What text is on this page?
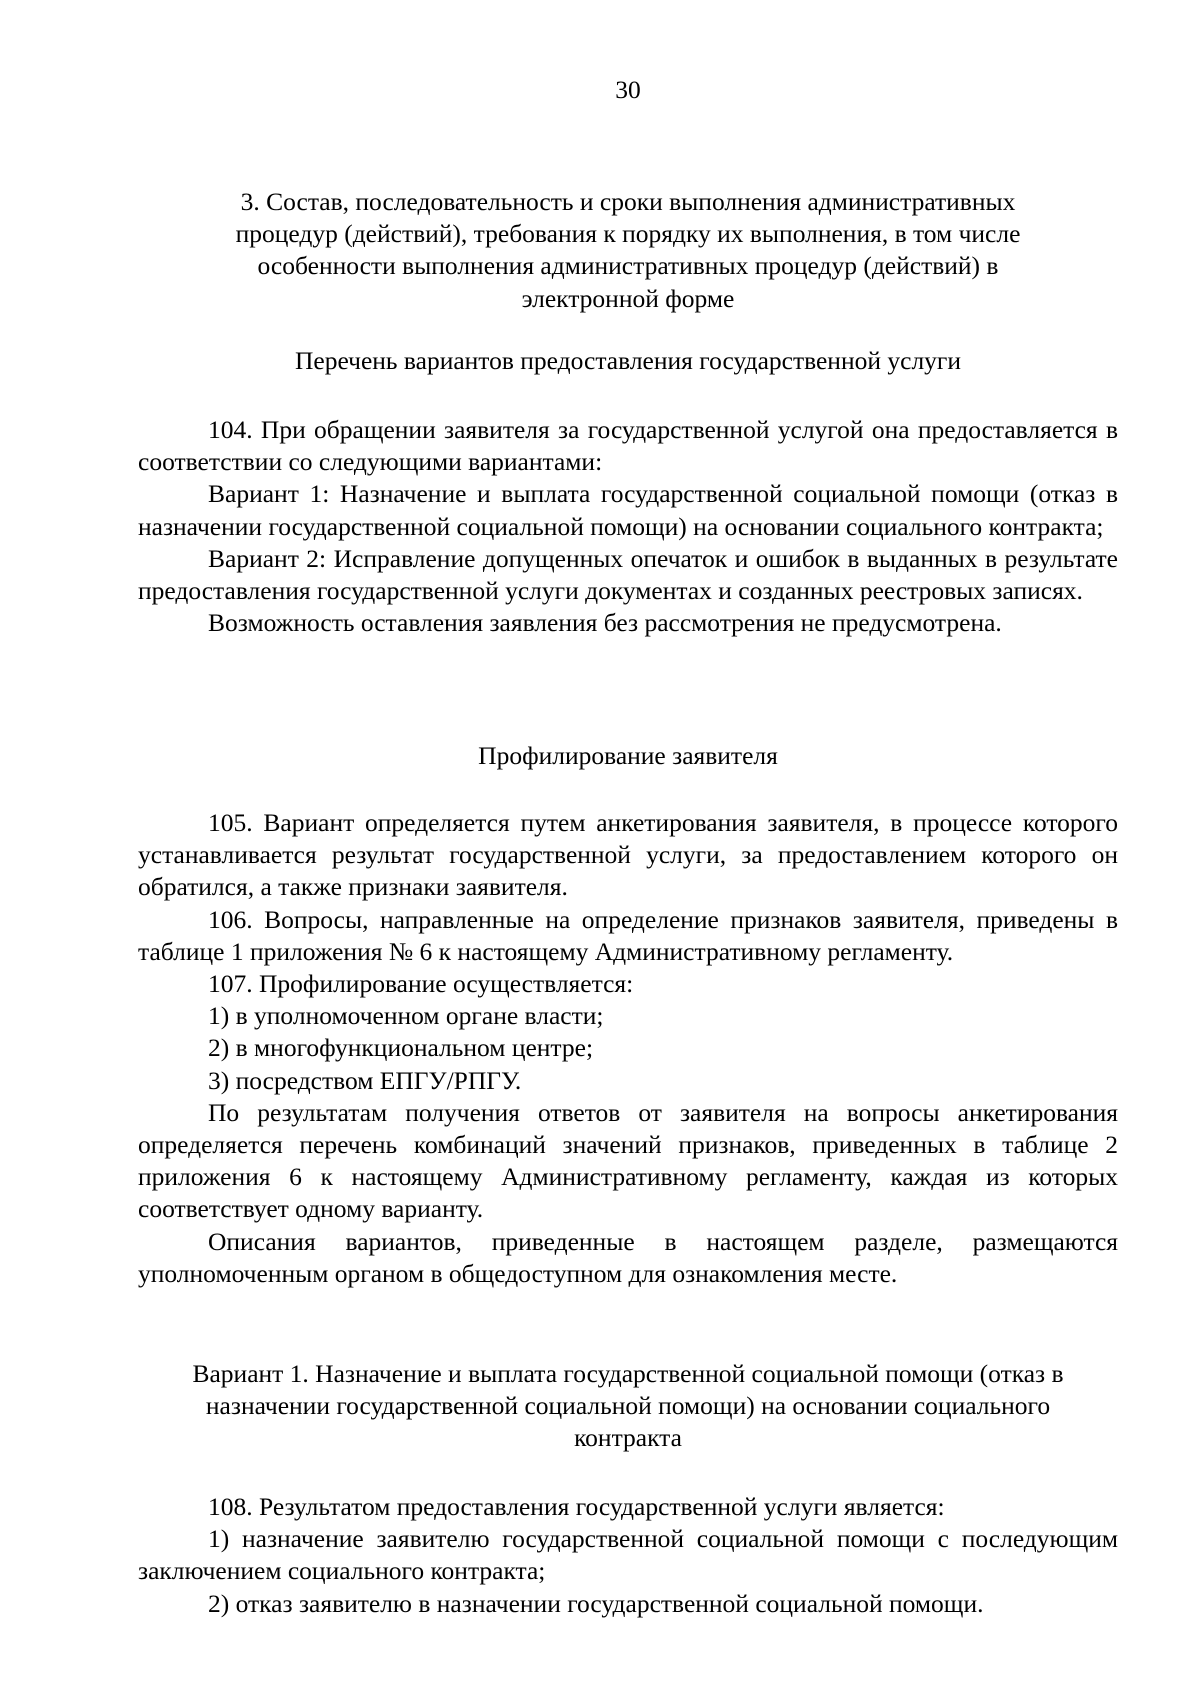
30
3. Состав, последовательность и сроки выполнения административных
процедур (действий), требования к порядку их выполнения, в том числе
особенности выполнения административных процедур (действий) в
электронной форме
Перечень вариантов предоставления государственной услуги

104. При обращении заявителя за государственной услугой она предоставляется в соответствии со следующими вариантами:

Вариант 1: Назначение и выплата государственной социальной помощи (отказ в назначении государственной социальной помощи) на основании социального контракта;

Вариант 2: Исправление допущенных опечаток и ошибок в выданных в результате предоставления государственной услуги документах и созданных реестровых записях.

Возможность оставления заявления без рассмотрения не предусмотрена.

Профилирование заявителя

105. Вариант определяется путем анкетирования заявителя, в процессе которого устанавливается результат государственной услуги, за предоставлением которого он обратился, а также признаки заявителя.

106. Вопросы, направленные на определение признаков заявителя, приведены в таблице 1 приложения № 6 к настоящему Административному регламенту.

107. Профилирование осуществляется:

1) в уполномоченном органе власти;

2) в многофункциональном центре;

3) посредством ЕПГУ/РПГУ.

По результатам получения ответов от заявителя на вопросы анкетирования определяется перечень комбинаций значений признаков, приведенных в таблице 2 приложения 6 к настоящему Административному регламенту, каждая из которых соответствует одному варианту.

Описания вариантов, приведенные в настоящем разделе, размещаются уполномоченным органом в общедоступном для ознакомления месте.

Вариант 1. Назначение и выплата государственной социальной помощи (отказ в
назначении государственной социальной помощи) на основании социального
контракта

108. Результатом предоставления государственной услуги является:

1) назначение заявителю государственной социальной помощи с последующим заключением социального контракта;

2) отказ заявителю в назначении государственной социальной помощи.
